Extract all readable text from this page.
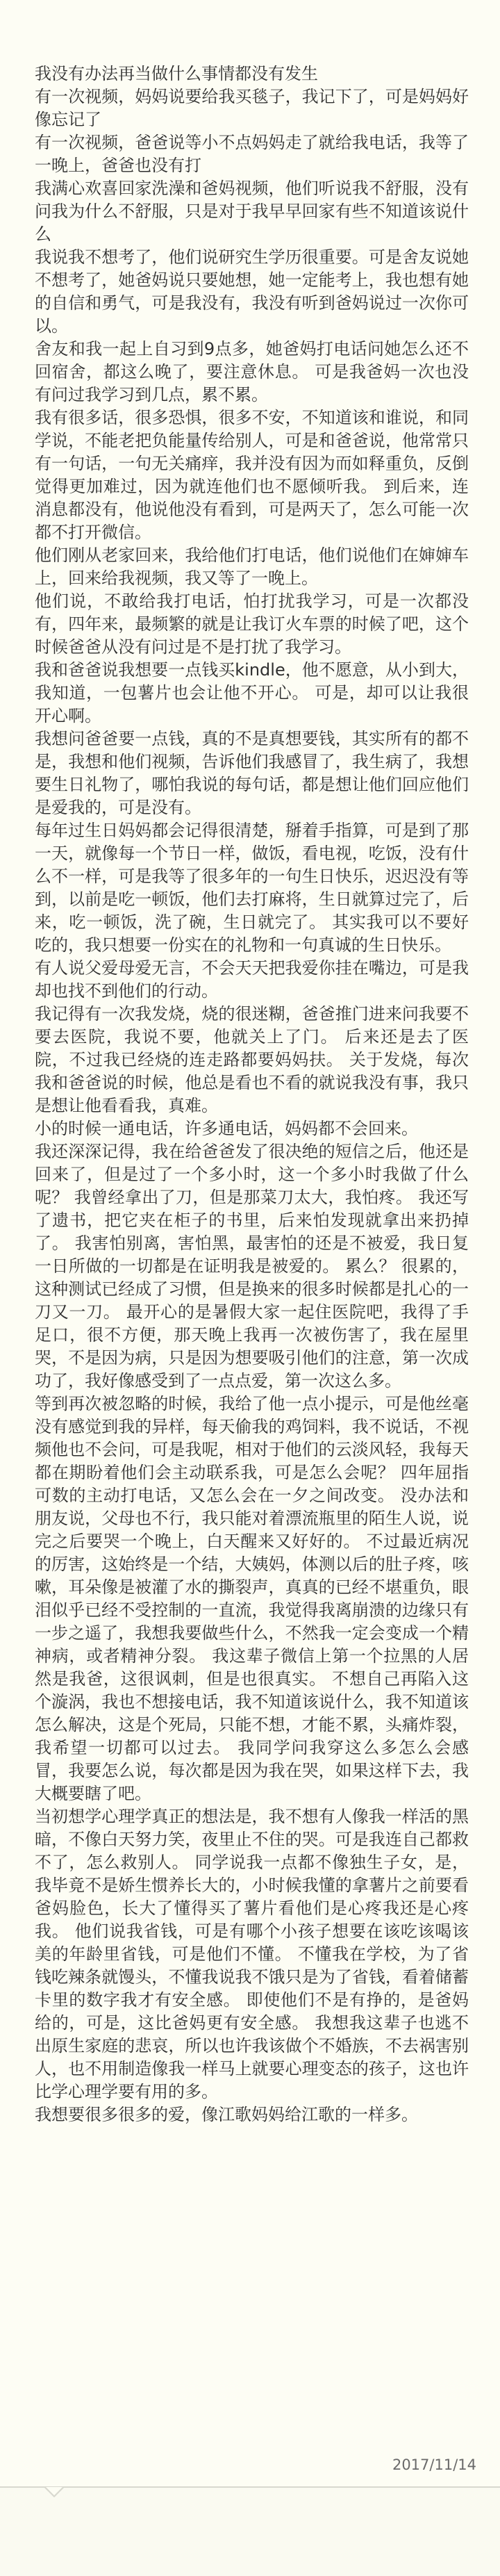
我没有办法再当做什么事情都没有发生
有一次视频，妈妈说要给我买毯子，我记下了，可是妈妈好像忘记了
有一次视频，爸爸说等小不点妈妈走了就给我电话，我等了一晚上，爸爸也没有打
我满心欢喜回家洗澡和爸妈视频，他们听说我不舒服，没有问我为什么不舒服，只是对于我早早回家有些不知道该说什么
我说我不想考了，他们说研究生学历很重要。可是舍友说她不想考了，她爸妈说只要她想，她一定能考上，我也想有她的自信和勇气，可是我没有，我没有听到爸妈说过一次你可以。
舍友和我一起上自习到9点多，她爸妈打电话问她怎么还不回宿舍，都这么晚了，要注意休息。 可是我爸妈一次也没有问过我学习到几点，累不累。
我有很多话，很多恐惧，很多不安，不知道该和谁说，和同学说，不能老把负能量传给别人，可是和爸爸说，他常常只有一句话，一句无关痛痒，我并没有因为而如释重负，反倒觉得更加难过，因为就连他们也不愿倾听我。 到后来，连消息都没有，他说他没有看到，可是两天了，怎么可能一次都不打开微信。
他们刚从老家回来，我给他们打电话，他们说他们在婶婶车上，回来给我视频，我又等了一晚上。
他们说，不敢给我打电话，怕打扰我学习，可是一次都没有，四年来，最频繁的就是让我订火车票的时候了吧，这个时候爸爸从没有问过是不是打扰了我学习。
我和爸爸说我想要一点钱买kindle，他不愿意，从小到大，我知道，一包薯片也会让他不开心。 可是，却可以让我很开心啊。
我想问爸爸要一点钱，真的不是真想要钱，其实所有的都不是，我想和他们视频，告诉他们我感冒了，我生病了，我想要生日礼物了，哪怕我说的每句话，都是想让他们回应他们是爱我的，可是没有。
每年过生日妈妈都会记得很清楚，掰着手指算，可是到了那一天，就像每一个节日一样，做饭，看电视，吃饭，没有什么不一样，可是我等了很多年的一句生日快乐，迟迟没有等到，以前是吃一顿饭，他们去打麻将，生日就算过完了，后来，吃一顿饭，洗了碗，生日就完了。 其实我可以不要好吃的，我只想要一份实在的礼物和一句真诚的生日快乐。
有人说父爱母爱无言，不会天天把我爱你挂在嘴边，可是我却也找不到他们的行动。
我记得有一次我发烧，烧的很迷糊，爸爸推门进来问我要不要去医院，我说不要，他就关上了门。 后来还是去了医院，不过我已经烧的连走路都要妈妈扶。 关于发烧，每次我和爸爸说的时候，他总是看也不看的就说我没有事，我只是想让他看看我，真难。
小的时候一通电话，许多通电话，妈妈都不会回来。
我还深深记得，我在给爸爸发了很决绝的短信之后，他还是回来了，但是过了一个多小时，这一个多小时我做了什么呢？ 我曾经拿出了刀，但是那菜刀太大，我怕疼。 我还写了遗书，把它夹在柜子的书里，后来怕发现就拿出来扔掉了。 我害怕别离，害怕黑，最害怕的还是不被爱，我日复一日所做的一切都是在证明我是被爱的。 累么？ 很累的，这种测试已经成了习惯，但是换来的很多时候都是扎心的一刀又一刀。 最开心的是暑假大家一起住医院吧，我得了手足口，很不方便，那天晚上我再一次被伤害了，我在屋里哭，不是因为病，只是因为想要吸引他们的注意，第一次成功了，我好像感受到了一点点爱，第一次这么多。
等到再次被忽略的时候，我给了他一点小提示，可是他丝毫没有感觉到我的异样，每天偷我的鸡饲料，我不说话，不视频他也不会问，可是我呢，相对于他们的云淡风轻，我每天都在期盼着他们会主动联系我，可是怎么会呢？ 四年屈指可数的主动打电话，又怎么会在一夕之间改变。 没办法和朋友说，父母也不行，我只能对着漂流瓶里的陌生人说，说完之后要哭一个晚上，白天醒来又好好的。 不过最近病况的厉害，这始终是一个结，大姨妈，体测以后的肚子疼，咳嗽，耳朵像是被灌了水的撕裂声，真真的已经不堪重负，眼泪似乎已经不受控制的一直流，我觉得我离崩溃的边缘只有一步之遥了，我想我要做些什么，不然我一定会变成一个精神病，或者精神分裂。 我这辈子微信上第一个拉黑的人居然是我爸，这很讽刺，但是也很真实。 不想自己再陷入这个漩涡，我也不想接电话，我不知道该说什么，我不知道该怎么解决，这是个死局，只能不想，才能不累，头痛炸裂，我希望一切都可以过去。 我同学问我穿这么多怎么会感冒，我要怎么说，每次都是因为我在哭，如果这样下去，我大概要瞎了吧。
当初想学心理学真正的想法是，我不想有人像我一样活的黑暗，不像白天努力笑，夜里止不住的哭。可是我连自己都救不了，怎么救别人。 同学说我一点都不像独生子女，是，我毕竟不是娇生惯养长大的，小时候我懂的拿薯片之前要看爸妈脸色，长大了懂得买了薯片看他们是心疼我还是心疼我。 他们说我省钱，可是有哪个小孩子想要在该吃该喝该美的年龄里省钱，可是他们不懂。 不懂我在学校，为了省钱吃辣条就馒头，不懂我说我不饿只是为了省钱，看着储蓄卡里的数字我才有安全感。 即使他们不是有挣的，是爸妈给的，可是，这比爸妈更有安全感。 我想我这辈子也逃不出原生家庭的悲哀，所以也许我该做个不婚族，不去祸害别人，也不用制造像我一样马上就要心理变态的孩子，这也许比学心理学要有用的多。
我想要很多很多的爱，像江歌妈妈给江歌的一样多。
2017/11/14
